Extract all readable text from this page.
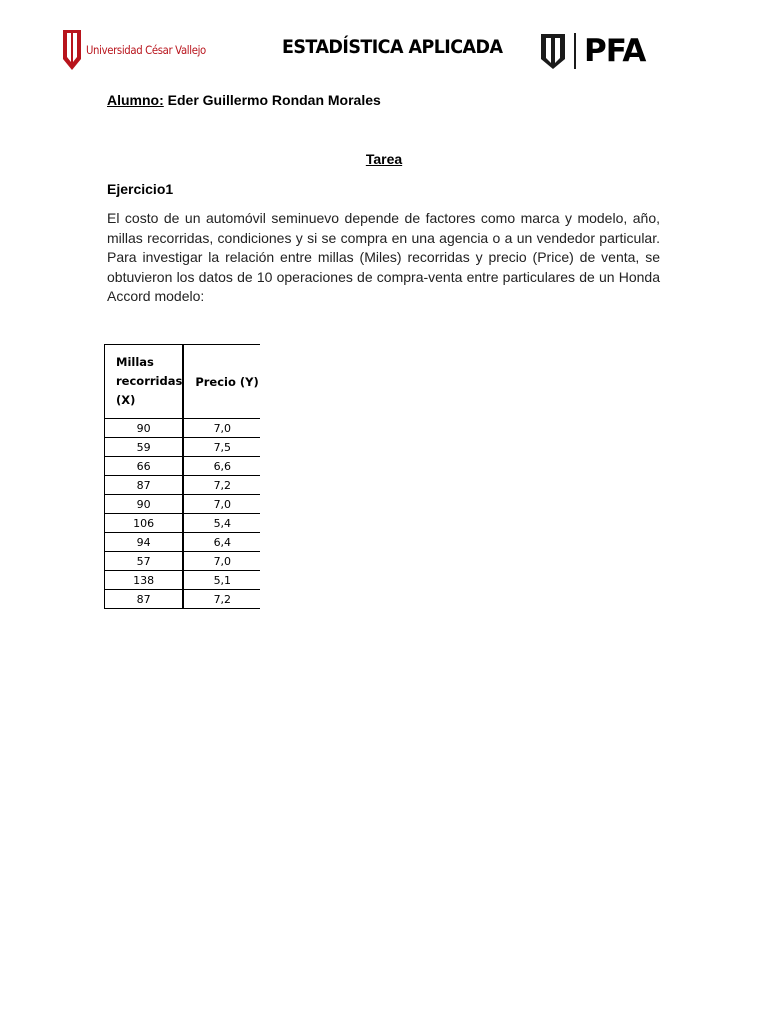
Universidad César Vallejo	ESTADÍSTICA APLICADA	PFA
Alumno: Eder Guillermo Rondan Morales
Tarea
Ejercicio1
El costo de un automóvil seminuevo depende de factores como marca y modelo, año, millas recorridas, condiciones y si se compra en una agencia o a un vendedor particular. Para investigar la relación entre millas (Miles) recorridas y precio (Price) de venta, se obtuvieron los datos de 10 operaciones de compra-venta entre particulares de un Honda Accord modelo:
Millas
recorridas
(X)	Precio (Y)
90	7,0
59	7,5
66	6,6
87	7,2
90	7,0
106	5,4
94	6,4
57	7,0
138	5,1
87	7,2
